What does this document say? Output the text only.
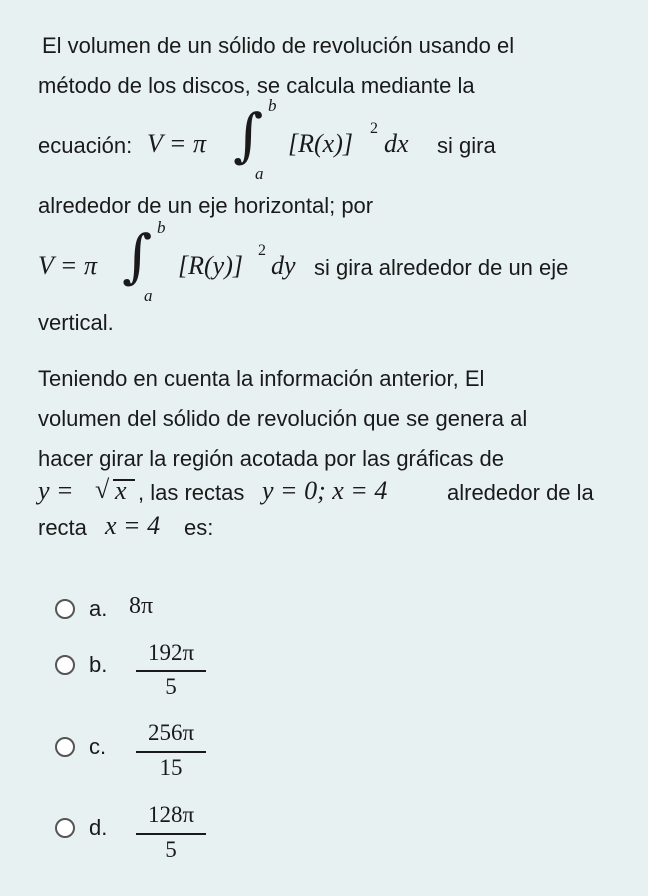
El volumen de un sólido de revolución usando el
método de los discos, se calcula mediante la
ecuación: V = π ∫ b
a
[R(x)]
2
dx si gira
alrededor de un eje horizontal; por
V = π ∫ b
a
[R(y)]
2
dy si gira alrededor de un eje
vertical.
Teniendo en cuenta la información anterior, El
volumen del sólido de revolución que se genera al
hacer girar la región acotada por las gráficas de
y = √ x , las rectas y = 0; x = 4	alrededor de la
recta x = 4 es:
a. 8π
b.	192π
5
c.
256π
15
d.
128π
5
